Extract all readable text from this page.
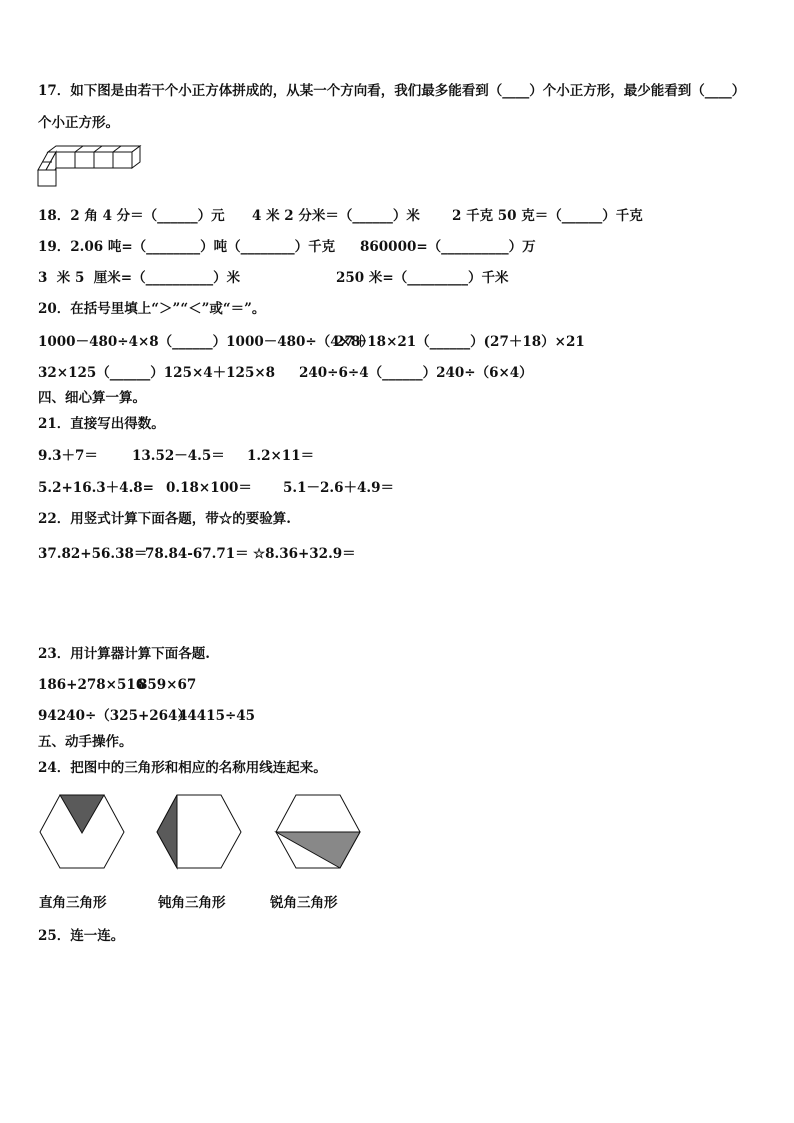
17．如下图是由若干个小正方体拼成的，从某一个方向看，我们最多能看到（____）个小正方形，最少能看到（____）
个小正方形。
18．2 角 4 分＝（______）元 4 米 2 分米＝（______）米 2 千克 50 克＝（______）千克
19．2.06 吨=（________）吨（________）千克 860000=（__________）万
3  米 5  厘米=（__________）米	250 米=（_________）千米
20．在括号里填上“＞”“＜”或“＝”。
1000－480÷4×8（______）1000－480÷（4×8）
27＋18×21（______）(27＋18）×21
32×125（______）125×4＋125×8 240÷6÷4（______）240÷（6×4）
四、细心算一算。
21．直接写出得数。
9.3＋7＝	13.52－4.5＝ 1.2×11＝
5.2+16.3＋4.8= 0.18×100＝ 5.1－2.6＋4.9＝
22．用竖式计算下面各题，带☆的要验算.
37.82+56.38＝
78.84-67.71＝ ☆8.36+32.9＝
23．用计算器计算下面各题.
186+278×516
859×67
94240÷（325+264）
44415÷45
五、动手操作。
24．把图中的三角形和相应的名称用线连起来。
直角三角形	钝角三角形	锐角三角形
25．连一连。
